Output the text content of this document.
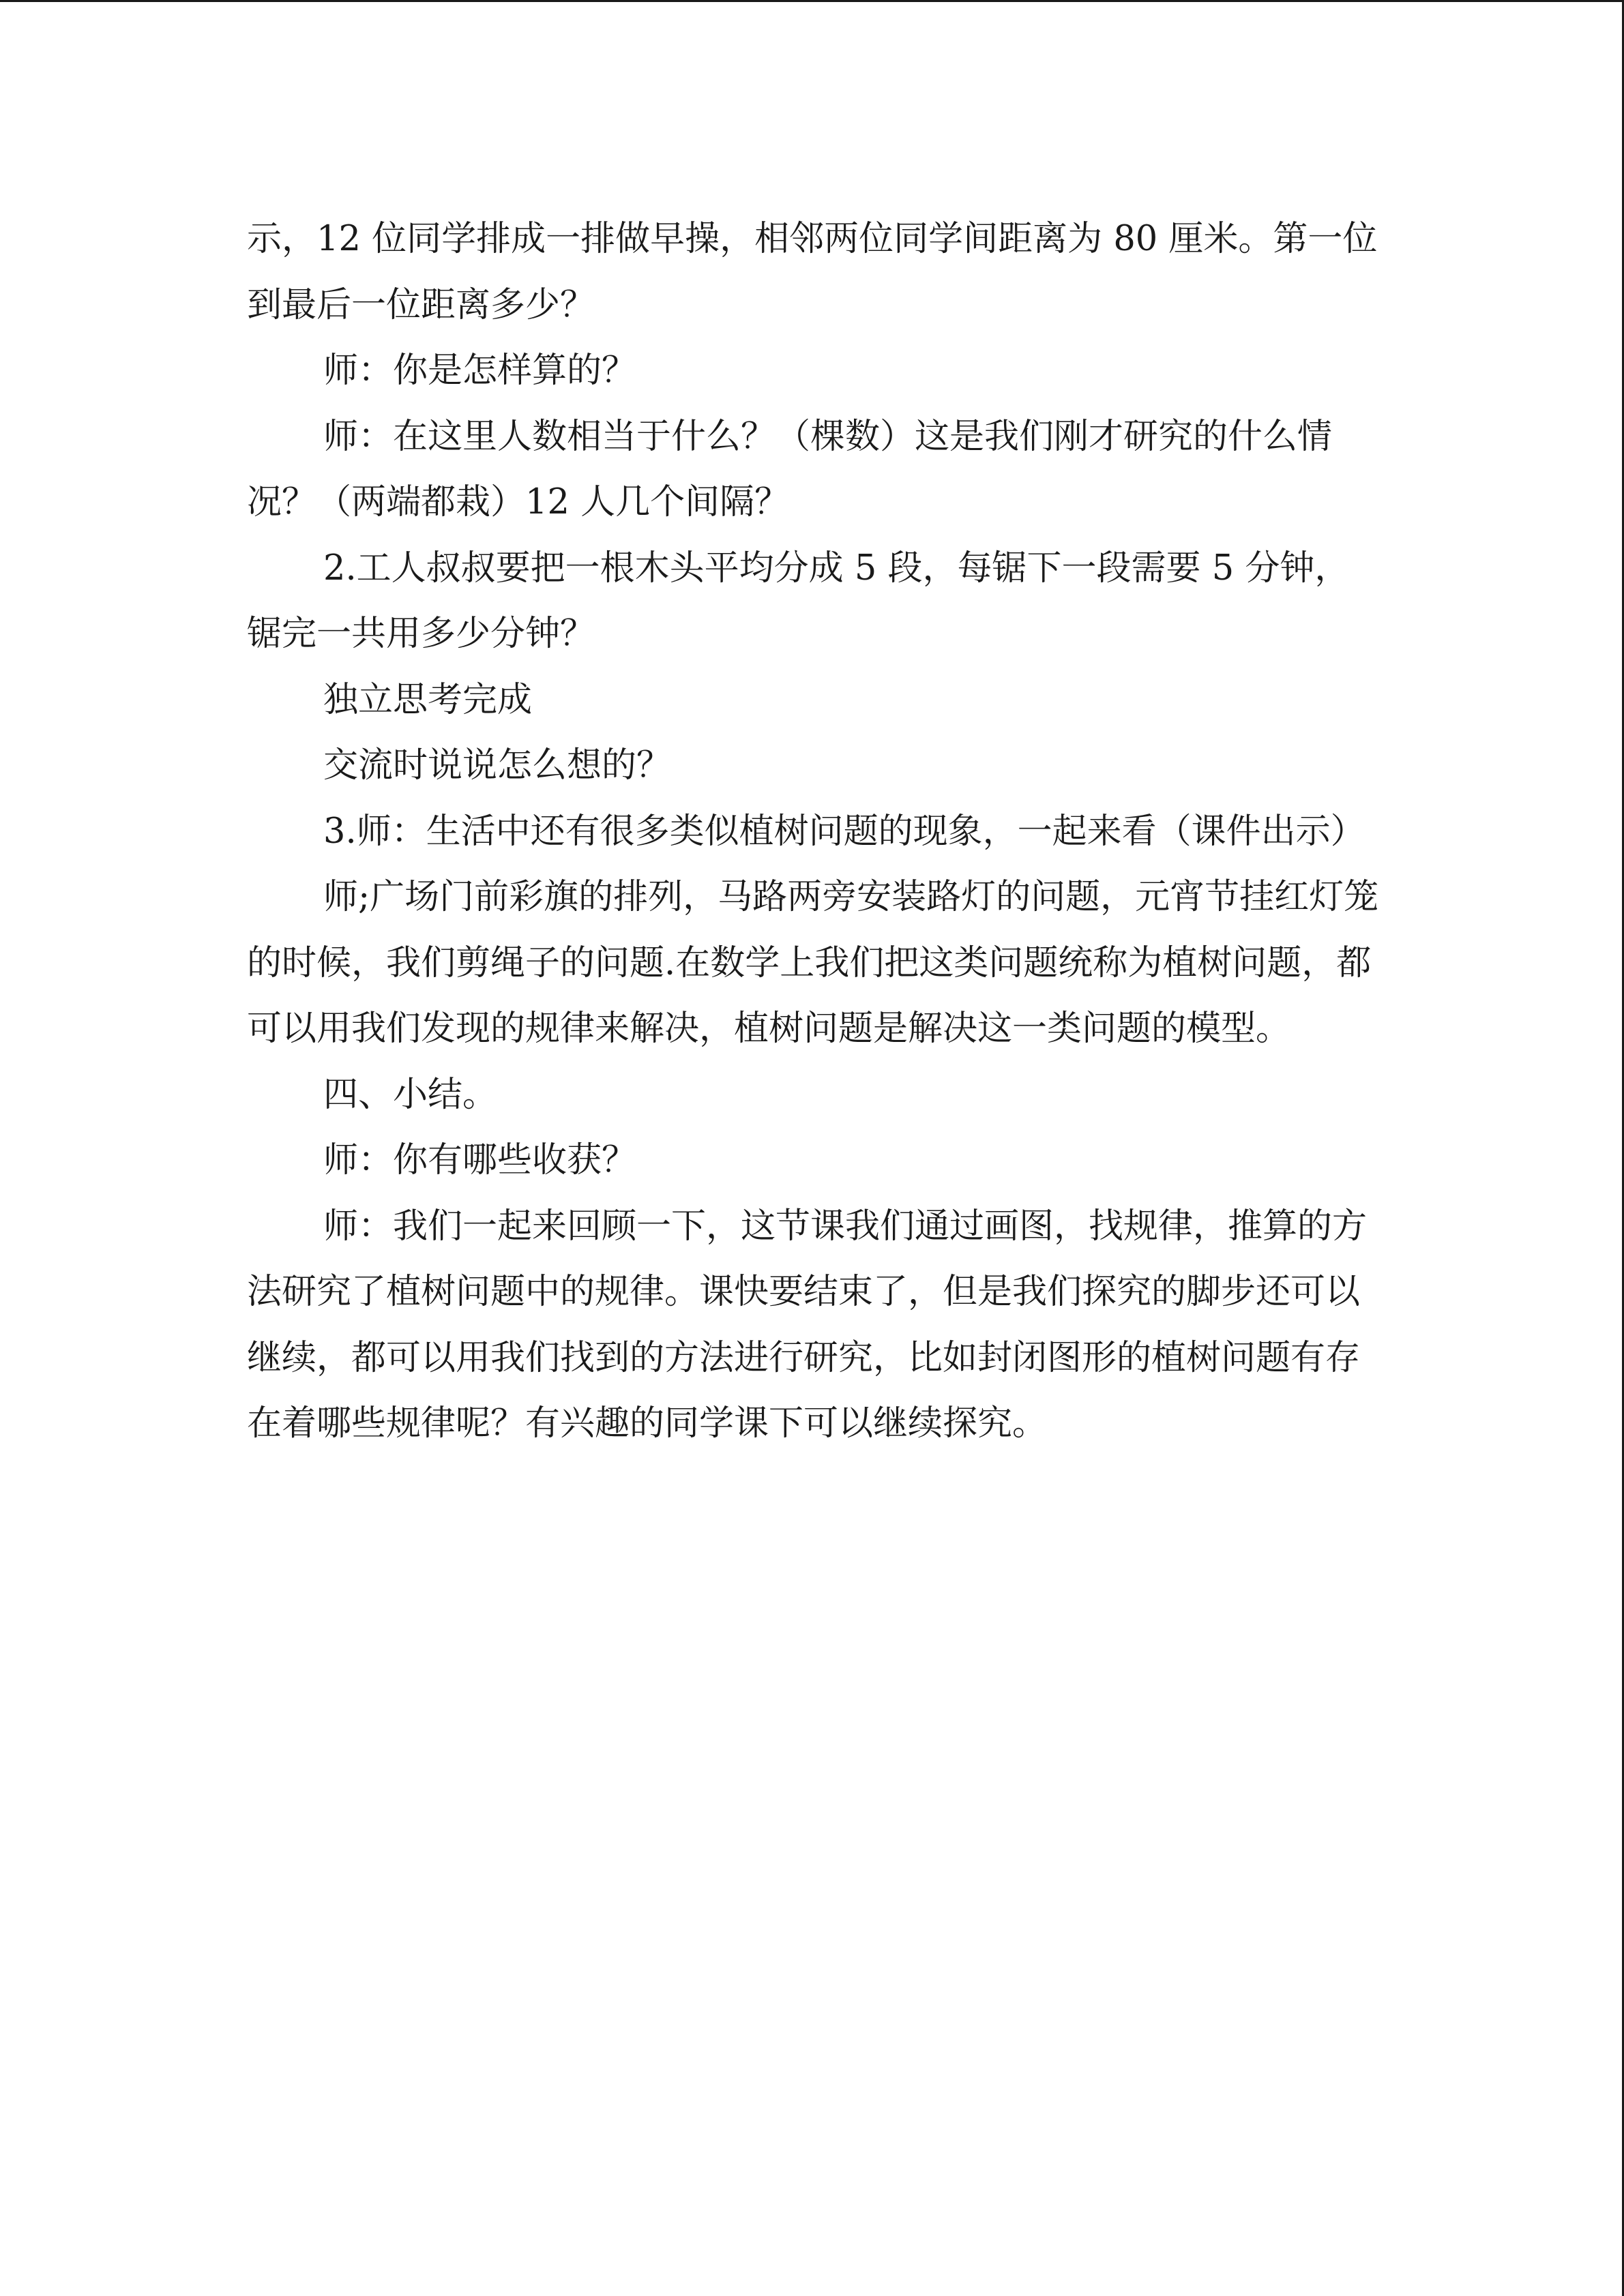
示，12 位同学排成一排做早操，相邻两位同学间距离为 80 厘米。第一位到最后一位距离多少？

师：你是怎样算的？

师：在这里人数相当于什么？（棵数）这是我们刚才研究的什么情况？（两端都栽）12 人几个间隔？

2.工人叔叔要把一根木头平均分成 5 段，每锯下一段需要 5 分钟，锯完一共用多少分钟？

独立思考完成

交流时说说怎么想的？

3.师：生活中还有很多类似植树问题的现象，一起来看（课件出示）

师;广场门前彩旗的排列，马路两旁安装路灯的问题，元宵节挂红灯笼的时候，我们剪绳子的问题.在数学上我们把这类问题统称为植树问题，都可以用我们发现的规律来解决，植树问题是解决这一类问题的模型。

四、小结。

师：你有哪些收获？

师：我们一起来回顾一下，这节课我们通过画图，找规律，推算的方法研究了植树问题中的规律。课快要结束了，但是我们探究的脚步还可以继续，都可以用我们找到的方法进行研究，比如封闭图形的植树问题有存在着哪些规律呢？有兴趣的同学课下可以继续探究。
